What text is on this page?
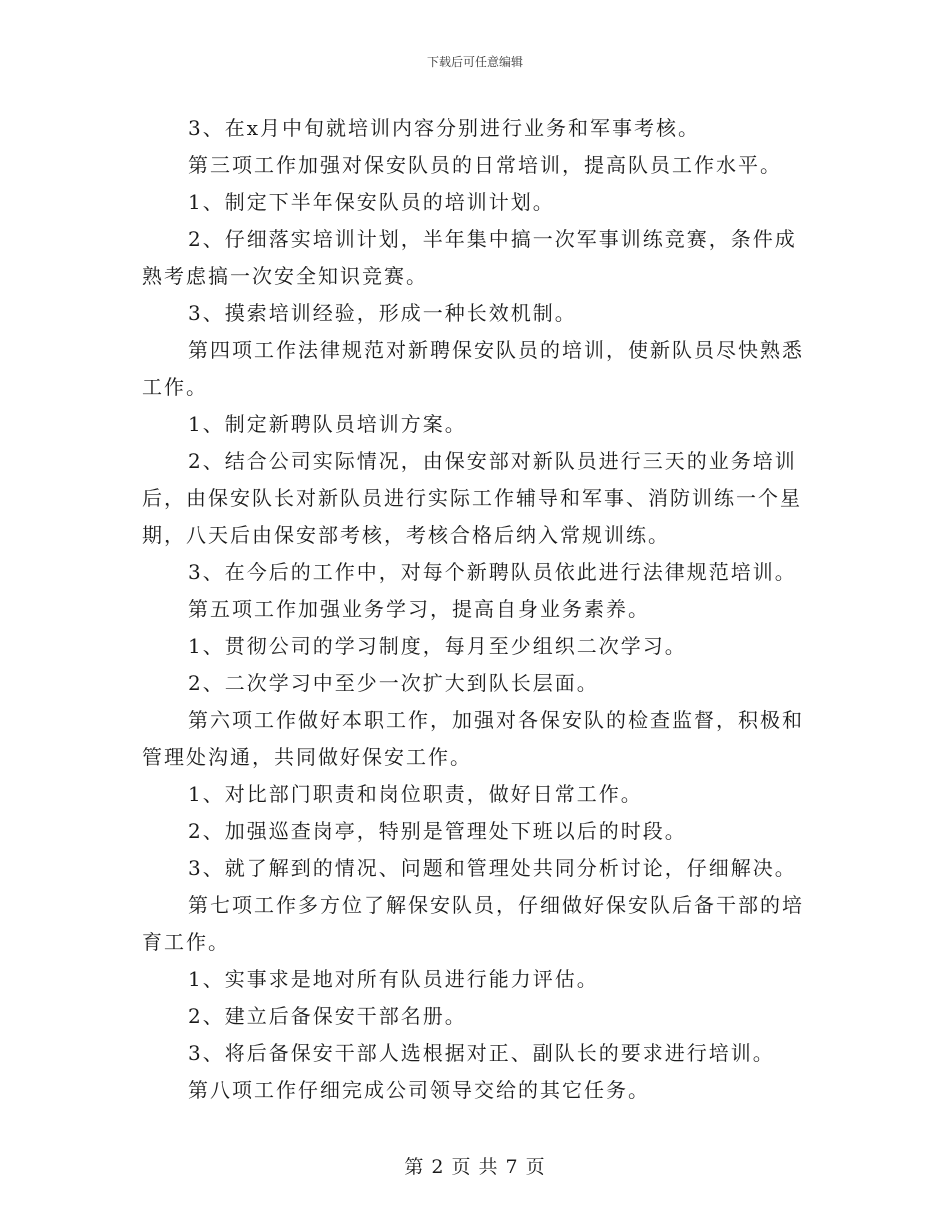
下载后可任意编辑

3、在x月中旬就培训内容分别进行业务和军事考核。

第三项工作加强对保安队员的日常培训，提高队员工作水平。

1、制定下半年保安队员的培训计划。

2、仔细落实培训计划，半年集中搞一次军事训练竞赛，条件成熟考虑搞一次安全知识竞赛。

3、摸索培训经验，形成一种长效机制。

第四项工作法律规范对新聘保安队员的培训，使新队员尽快熟悉工作。

1、制定新聘队员培训方案。

2、结合公司实际情况，由保安部对新队员进行三天的业务培训后，由保安队长对新队员进行实际工作辅导和军事、消防训练一个星期，八天后由保安部考核，考核合格后纳入常规训练。

3、在今后的工作中，对每个新聘队员依此进行法律规范培训。

第五项工作加强业务学习，提高自身业务素养。

1、贯彻公司的学习制度，每月至少组织二次学习。

2、二次学习中至少一次扩大到队长层面。

第六项工作做好本职工作，加强对各保安队的检查监督，积极和管理处沟通，共同做好保安工作。

1、对比部门职责和岗位职责，做好日常工作。

2、加强巡查岗亭，特别是管理处下班以后的时段。

3、就了解到的情况、问题和管理处共同分析讨论，仔细解决。

第七项工作多方位了解保安队员，仔细做好保安队后备干部的培育工作。

1、实事求是地对所有队员进行能力评估。

2、建立后备保安干部名册。

3、将后备保安干部人选根据对正、副队长的要求进行培训。

第八项工作仔细完成公司领导交给的其它任务。

第 2 页 共 7 页
